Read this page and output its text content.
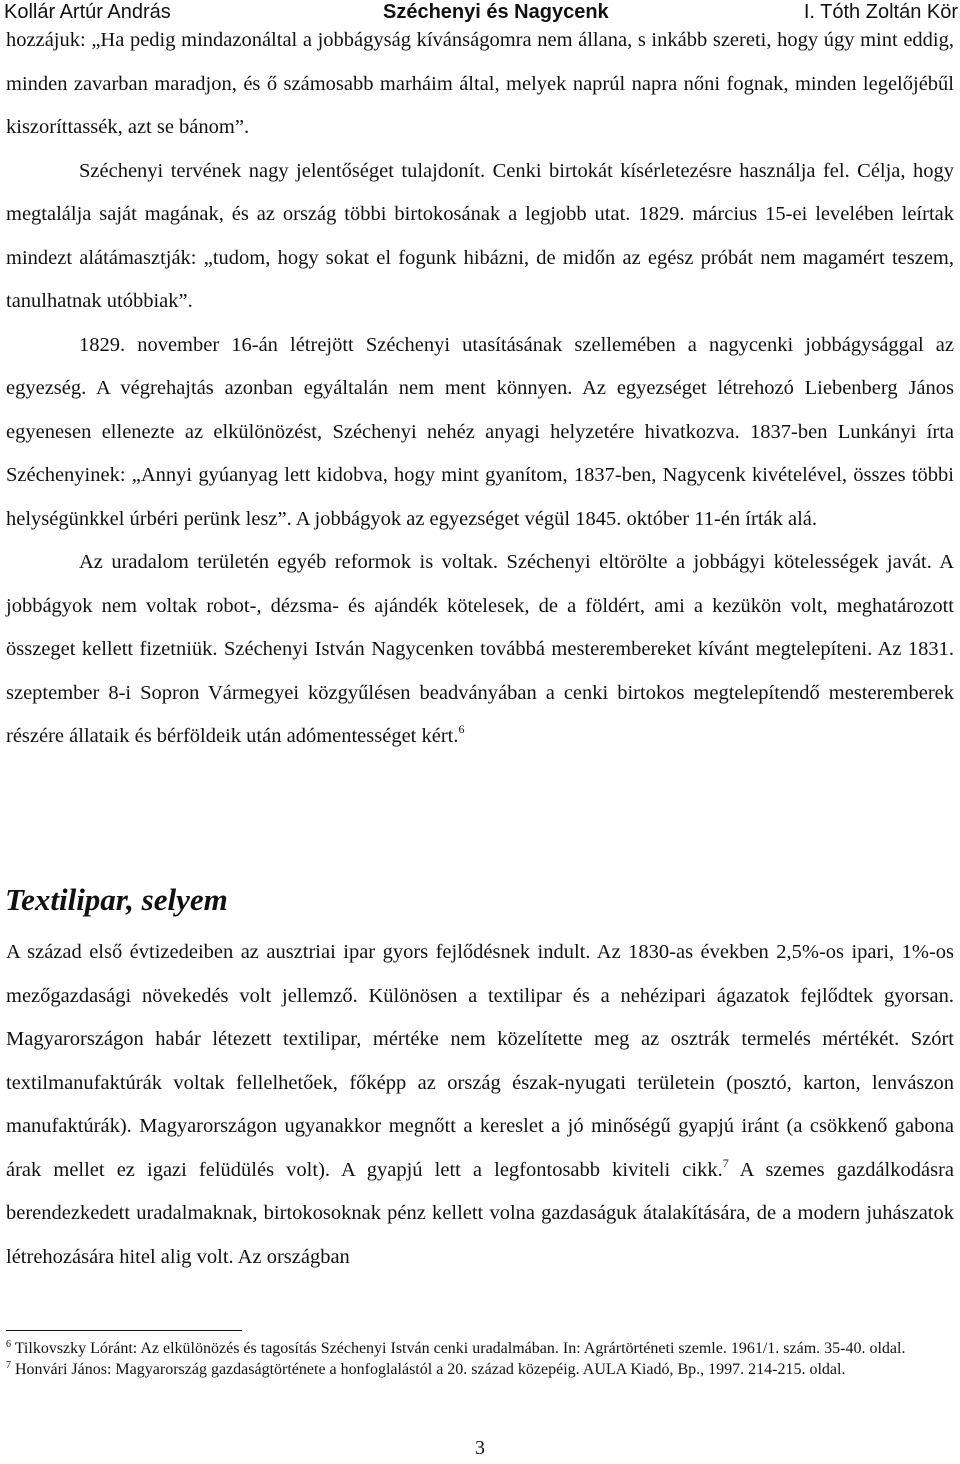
Kollár Artúr András	Széchenyi és Nagycenk	I. Tóth Zoltán Kör

hozzájuk: „Ha pedig mindazonáltal a jobbágyság kívánságomra nem állana, s inkább szereti, hogy úgy mint eddig, minden zavarban maradjon, és ő számosabb marháim által, melyek naprúl napra nőni fognak, minden legelőjébűl kiszoríttassék, azt se bánom”.

Széchenyi tervének nagy jelentőséget tulajdonít. Cenki birtokát kísérletezésre használja fel. Célja, hogy megtalálja saját magának, és az ország többi birtokosának a legjobb utat. 1829. március 15-ei levelében leírtak mindezt alátámasztják: „tudom, hogy sokat el fogunk hibázni, de midőn az egész próbát nem magamért teszem, tanulhatnak utóbbiak”.

1829. november 16-án létrejött Széchenyi utasításának szellemében a nagycenki jobbágysággal az egyezség. A végrehajtás azonban egyáltalán nem ment könnyen. Az egyezséget létrehozó Liebenberg János egyenesen ellenezte az elkülönözést, Széchenyi nehéz anyagi helyzetére hivatkozva. 1837-ben Lunkányi írta Széchenyinek: „Annyi gyúanyag lett kidobva, hogy mint gyanítom, 1837-ben, Nagycenk kivételével, összes többi helységünkkel úrbéri perünk lesz”. A jobbágyok az egyezséget végül 1845. október 11-én írták alá.

Az uradalom területén egyéb reformok is voltak. Széchenyi eltörölte a jobbágyi kötelességek javát. A jobbágyok nem voltak robot-, dézsma- és ajándék kötelesek, de a földért, ami a kezükön volt, meghatározott összeget kellett fizetniük. Széchenyi István Nagycenken továbbá mesterembereket kívánt megtelepíteni. Az 1831. szeptember 8-i Sopron Vármegyei közgyűlésen beadványában a cenki birtokos megtelepítendő mesteremberek részére állataik és bérföldeik után adómentességet kért.$^6$

Textilipar, selyem

A század első évtizedeiben az ausztriai ipar gyors fejlődésnek indult. Az 1830-as években 2,5%-os ipari, 1%-os mezőgazdasági növekedés volt jellemző. Különösen a textilipar és a nehézipari ágazatok fejlődtek gyorsan. Magyarországon habár létezett textilipar, mértéke nem közelítette meg az osztrák termelés mértékét. Szórt textilmanufaktúrák voltak fellelhetőek, főképp az ország észak-nyugati területein (posztó, karton, lenvászon manufaktúrák). Magyarországon ugyanakkor megnőtt a kereslet a jó minőségű gyapjú iránt (a csökkenő gabona árak mellet ez igazi felüdülés volt). A gyapjú lett a legfontosabb kiviteli cikk.$^7$ A szemes gazdálkodásra berendezkedett uradalmaknak, birtokosoknak pénz kellett volna gazdaságuk átalakítására, de a modern juhászatok létrehozására hitel alig volt. Az országban

$^6$ Tilkovszky Lóránt: Az elkülönözés és tagosítás Széchenyi István cenki uradalmában. In: Agrártörténeti szemle. 1961/1. szám. 35-40. oldal.

$^7$ Honvári János: Magyarország gazdaságtörténete a honfoglalástól a 20. század közepéig. AULA Kiadó, Bp., 1997. 214-215. oldal.

3
